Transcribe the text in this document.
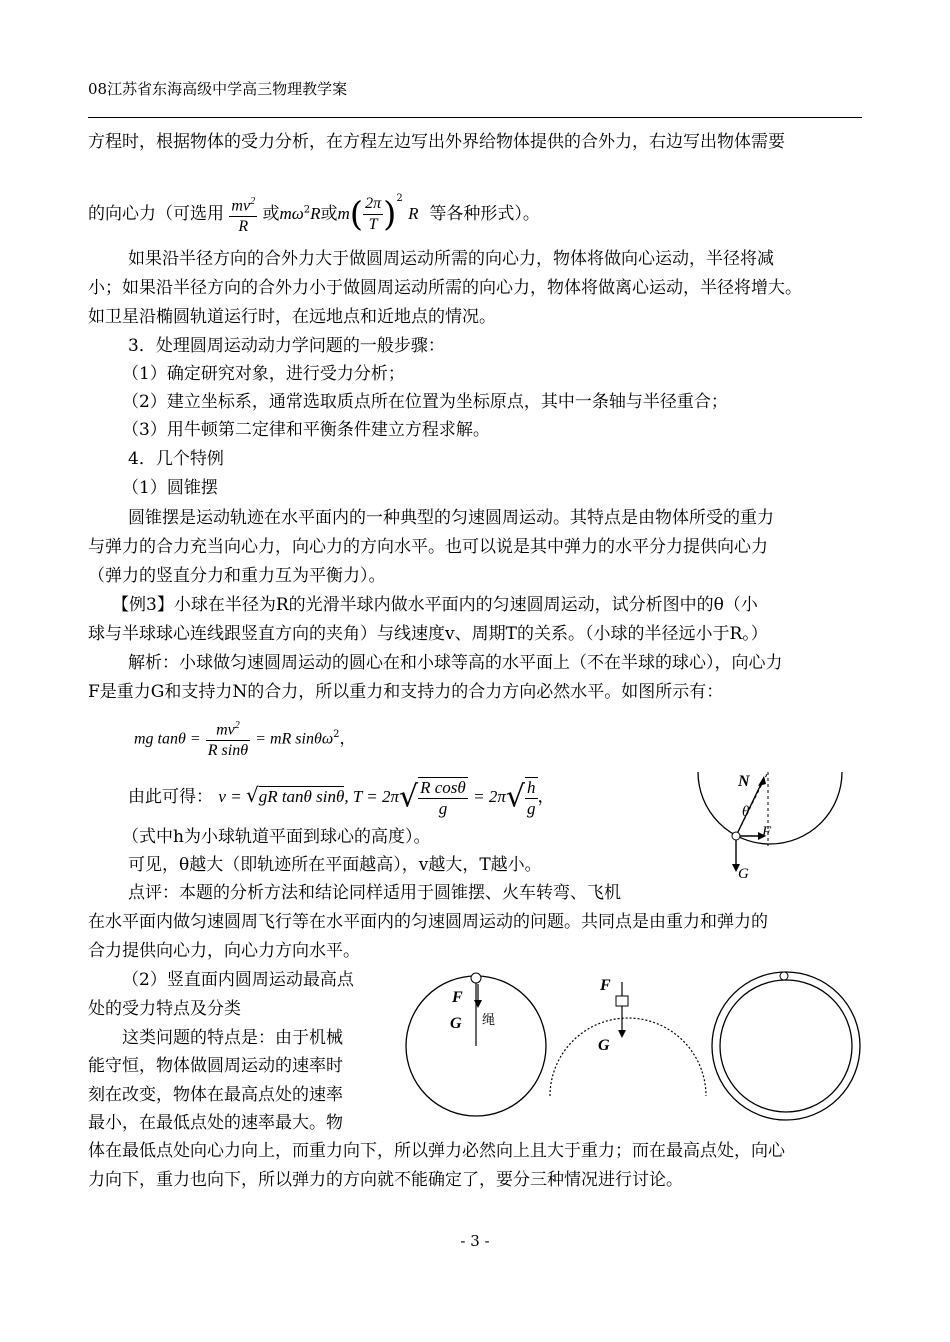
08江苏省东海高级中学高三物理教学案
方程时，根据物体的受力分析，在方程左边写出外界给物体提供的合外力，右边写出物体需要
的向心力（可选用 $\frac{mv^2}{R}$ 或$m\omega^2R$或$m( \frac{2\pi}{T} )^2$ R 等各种形式）。
如果沿半径方向的合外力大于做圆周运动所需的向心力，物体将做向心运动，半径将减
小；如果沿半径方向的合外力小于做圆周运动所需的向心力，物体将做离心运动，半径将增大。
如卫星沿椭圆轨道运行时，在远地点和近地点的情况。
3．处理圆周运动动力学问题的一般步骤：
（1）确定研究对象，进行受力分析；
（2）建立坐标系，通常选取质点所在位置为坐标原点，其中一条轴与半径重合；
（3）用牛顿第二定律和平衡条件建立方程求解。
4．几个特例
（1）圆锥摆
圆锥摆是运动轨迹在水平面内的一种典型的匀速圆周运动。其特点是由物体所受的重力
与弹力的合力充当向心力，向心力的方向水平。也可以说是其中弹力的水平分力提供向心力
（弹力的竖直分力和重力互为平衡力）。
【例3】小球在半径为R的光滑半球内做水平面内的匀速圆周运动，试分析图中的θ（小
球与半球球心连线跟竖直方向的夹角）与线速度v、周期T的关系。（小球的半径远小于R。）
解析：小球做匀速圆周运动的圆心在和小球等高的水平面上（不在半球的球心），向心力
F是重力G和支持力N的合力，所以重力和支持力的合力方向必然水平。如图所示有：
mg $\tan\theta = \frac{mv^2}{\text{R sinθ}}$ = mR sinθω$^2$，
由此可得： v = √gR tanθ sinθ, $T = 2\pi√ \frac{\text{R cosθ}}{g} = 2\pi√ \frac{h}{g}$ ，
（式中h为小球轨道平面到球心的高度）。
可见，θ越大（即轨迹所在平面越高），v越大，T越小。
点评：本题的分析方法和结论同样适用于圆锥摆、火车转弯、飞机
在水平面内做匀速圆周飞行等在水平面内的匀速圆周运动的问题。共同点是由重力和弹力的
合力提供向心力，向心力方向水平。
（2）竖直面内圆周运动最高点
处的受力特点及分类
这类问题的特点是：由于机械
能守恒，物体做圆周运动的速率时
刻在改变，物体在最高点处的速率
最小，在最低点处的速率最大。物
体在最低点处向心力向上，而重力向下，所以弹力必然向上且大于重力；而在最高点处，向心
力向下，重力也向下，所以弹力的方向就不能确定了，要分三种情况进行讨论。
N
θ
F
G
F
G 绳
F
G
- 3 -
